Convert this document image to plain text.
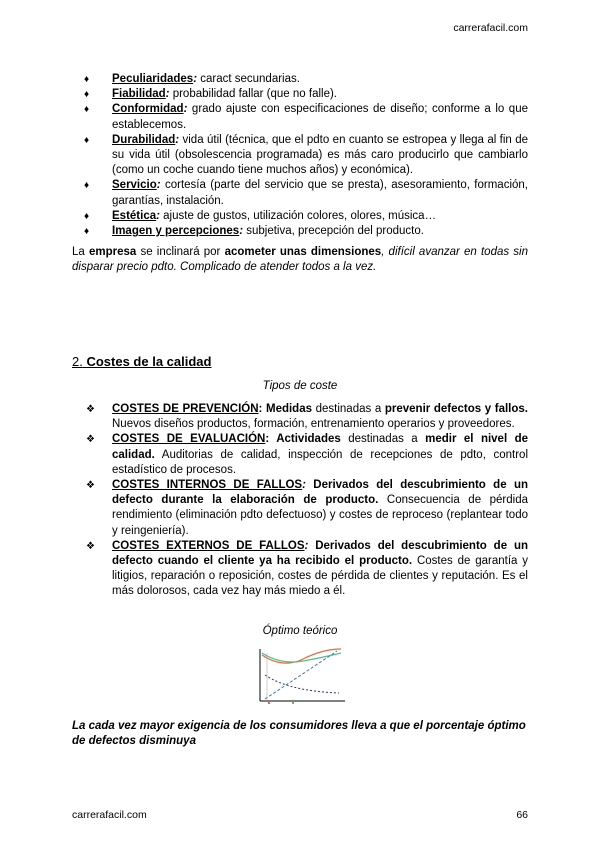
carrerafacil.com
♦ Peculiaridades: caract secundarias.
♦ Fiabilidad: probabilidad fallar (que no falle).
♦ Conformidad: grado ajuste con especificaciones de diseño; conforme a lo que establecemos.
♦ Durabilidad: vida útil (técnica, que el pdto en cuanto se estropea y llega al fin de su vida útil (obsolescencia programada) es más caro producirlo que cambiarlo (como un coche cuando tiene muchos años) y económica).
♦ Servicio: cortesía (parte del servicio que se presta), asesoramiento, formación, garantías, instalación.
♦ Estética: ajuste de gustos, utilización colores, olores, música…
♦ Imagen y percepciones: subjetiva, precepción del producto.

La empresa se inclinará por acometer unas dimensiones, difícil avanzar en todas sin disparar precio pdto. Complicado de atender todos a la vez.

2. Costes de la calidad
Tipos de coste
❖ COSTES DE PREVENCIÓN: Medidas destinadas a prevenir defectos y fallos. Nuevos diseños productos, formación, entrenamiento operarios y proveedores.
❖ COSTES DE EVALUACIÓN: Actividades destinadas a medir el nivel de calidad. Auditorias de calidad, inspección de recepciones de pdto, control estadístico de procesos.
❖ COSTES INTERNOS DE FALLOS: Derivados del descubrimiento de un defecto durante la elaboración de producto. Consecuencia de pérdida rendimiento (eliminación pdto defectuoso) y costes de reproceso (replantear todo y reingeniería).
❖ COSTES EXTERNOS DE FALLOS: Derivados del descubrimiento de un defecto cuando el cliente ya ha recibido el producto. Costes de garantía y litigios, reparación o reposición, costes de pérdida de clientes y reputación. Es el más dolorosos, cada vez hay más miedo a él.
Óptimo teórico

La cada vez mayor exigencia de los consumidores lleva a que el porcentaje óptimo de defectos disminuya

carrerafacil.com	66
